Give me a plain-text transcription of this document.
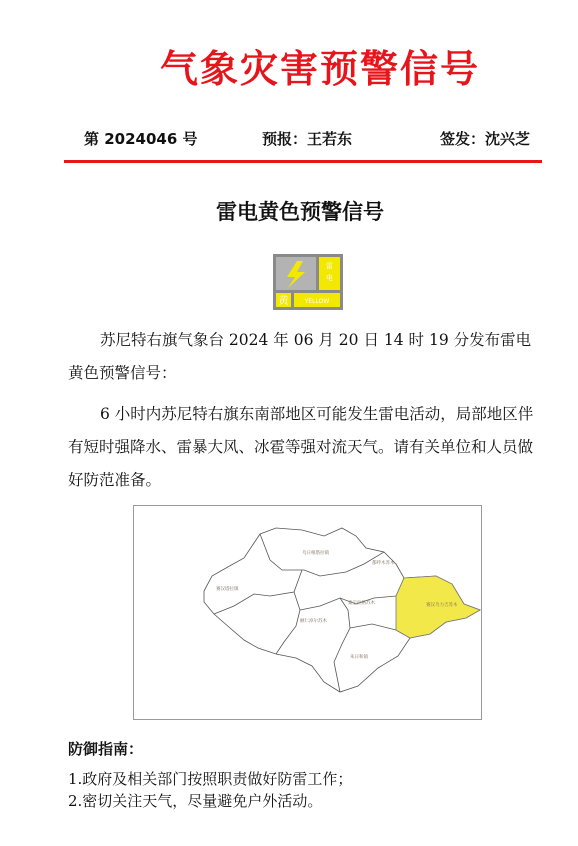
气象灾害预警信号
第 2024046 号	预报：王若东	签发：沈兴芝
雷电黄色预警信号
雷
电
黄	YELLOW

苏尼特右旗气象台 2024 年 06 月 20 日 14 时 19 分发布雷电黄色预警信号：

6 小时内苏尼特右旗东南部地区可能发生雷电活动，局部地区伴有短时强降水、雷暴大风、冰雹等强对流天气。请有关单位和人员做好防范准备。

乌日根塔拉镇
赛汉塔拉镇
都呼木苏木
桑宝拉格苏木	赛汉乌力吉苏木
额仁淖尔苏木
朱日和镇
防御指南：
1.政府及相关部门按照职责做好防雷工作；
2.密切关注天气，尽量避免户外活动。
